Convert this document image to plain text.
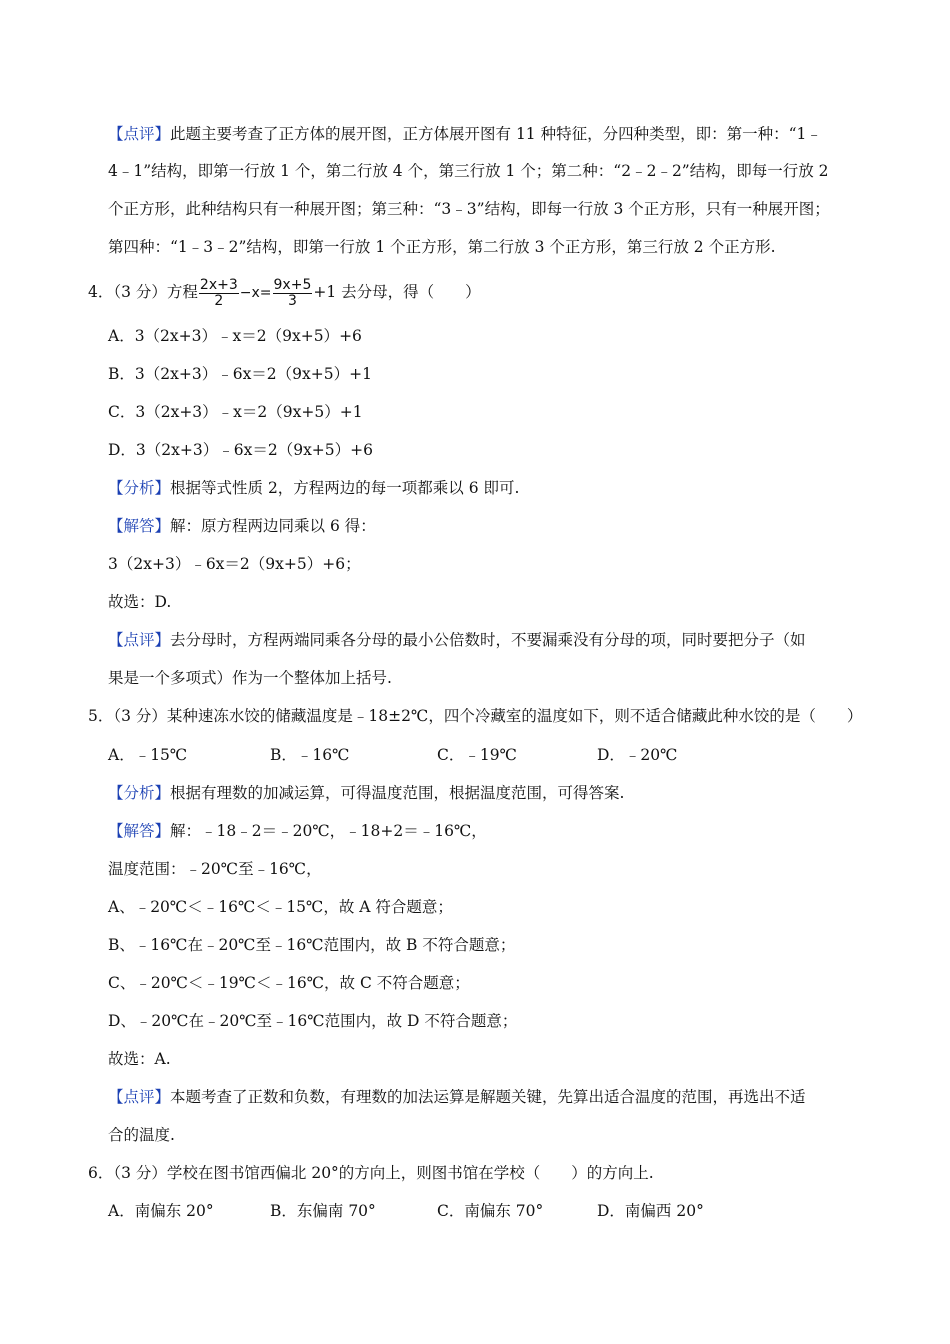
【点评】此题主要考查了正方体的展开图，正方体展开图有 11 种特征，分四种类型，即：第一种：“1﹣
4﹣1”结构，即第一行放 1 个，第二行放 4 个，第三行放 1 个；第二种：“2﹣2﹣2”结构，即每一行放 2
个正方形，此种结构只有一种展开图；第三种：“3﹣3”结构，即每一行放 3 个正方形，只有一种展开图；
第四种：“1﹣3﹣2”结构，即第一行放 1 个正方形，第二行放 3 个正方形，第三行放 2 个正方形.
4．（3 分）方程 $\frac{2x+3}{2} -x= \frac{9x+5}{3} +1$ 去分母，得（　　）
A．3（2x+3）﹣x＝2（9x+5）+6
B．3（2x+3）﹣6x＝2（9x+5）+1
C．3（2x+3）﹣x＝2（9x+5）+1
D．3（2x+3）﹣6x＝2（9x+5）+6
【分析】根据等式性质 2，方程两边的每一项都乘以 6 即可.
【解答】解：原方程两边同乘以 6 得：
3（2x+3）﹣6x＝2（9x+5）+6；
故选：D.
【点评】去分母时，方程两端同乘各分母的最小公倍数时，不要漏乘没有分母的项，同时要把分子（如
果是一个多项式）作为一个整体加上括号.
5．（3 分）某种速冻水饺的储藏温度是﹣18±2℃，四个冷藏室的温度如下，则不适合储藏此种水饺的是（　　）
A．﹣15℃	B．﹣16℃	C．﹣19℃	D．﹣20℃
【分析】根据有理数的加减运算，可得温度范围，根据温度范围，可得答案.
【解答】解：﹣18﹣2＝﹣20℃，﹣18+2＝﹣16℃，
温度范围：﹣20℃至﹣16℃，
A、﹣20℃＜﹣16℃＜﹣15℃，故 A 符合题意；
B、﹣16℃在﹣20℃至﹣16℃范围内，故 B 不符合题意；
C、﹣20℃＜﹣19℃＜﹣16℃，故 C 不符合题意；
D、﹣20℃在﹣20℃至﹣16℃范围内，故 D 不符合题意；
故选：A.
【点评】本题考查了正数和负数，有理数的加法运算是解题关键，先算出适合温度的范围，再选出不适
合的温度.
6．（3 分）学校在图书馆西偏北 20°的方向上，则图书馆在学校（　　）的方向上.
A．南偏东 20°	B．东偏南 70°	C．南偏东 70°	D．南偏西 20°
